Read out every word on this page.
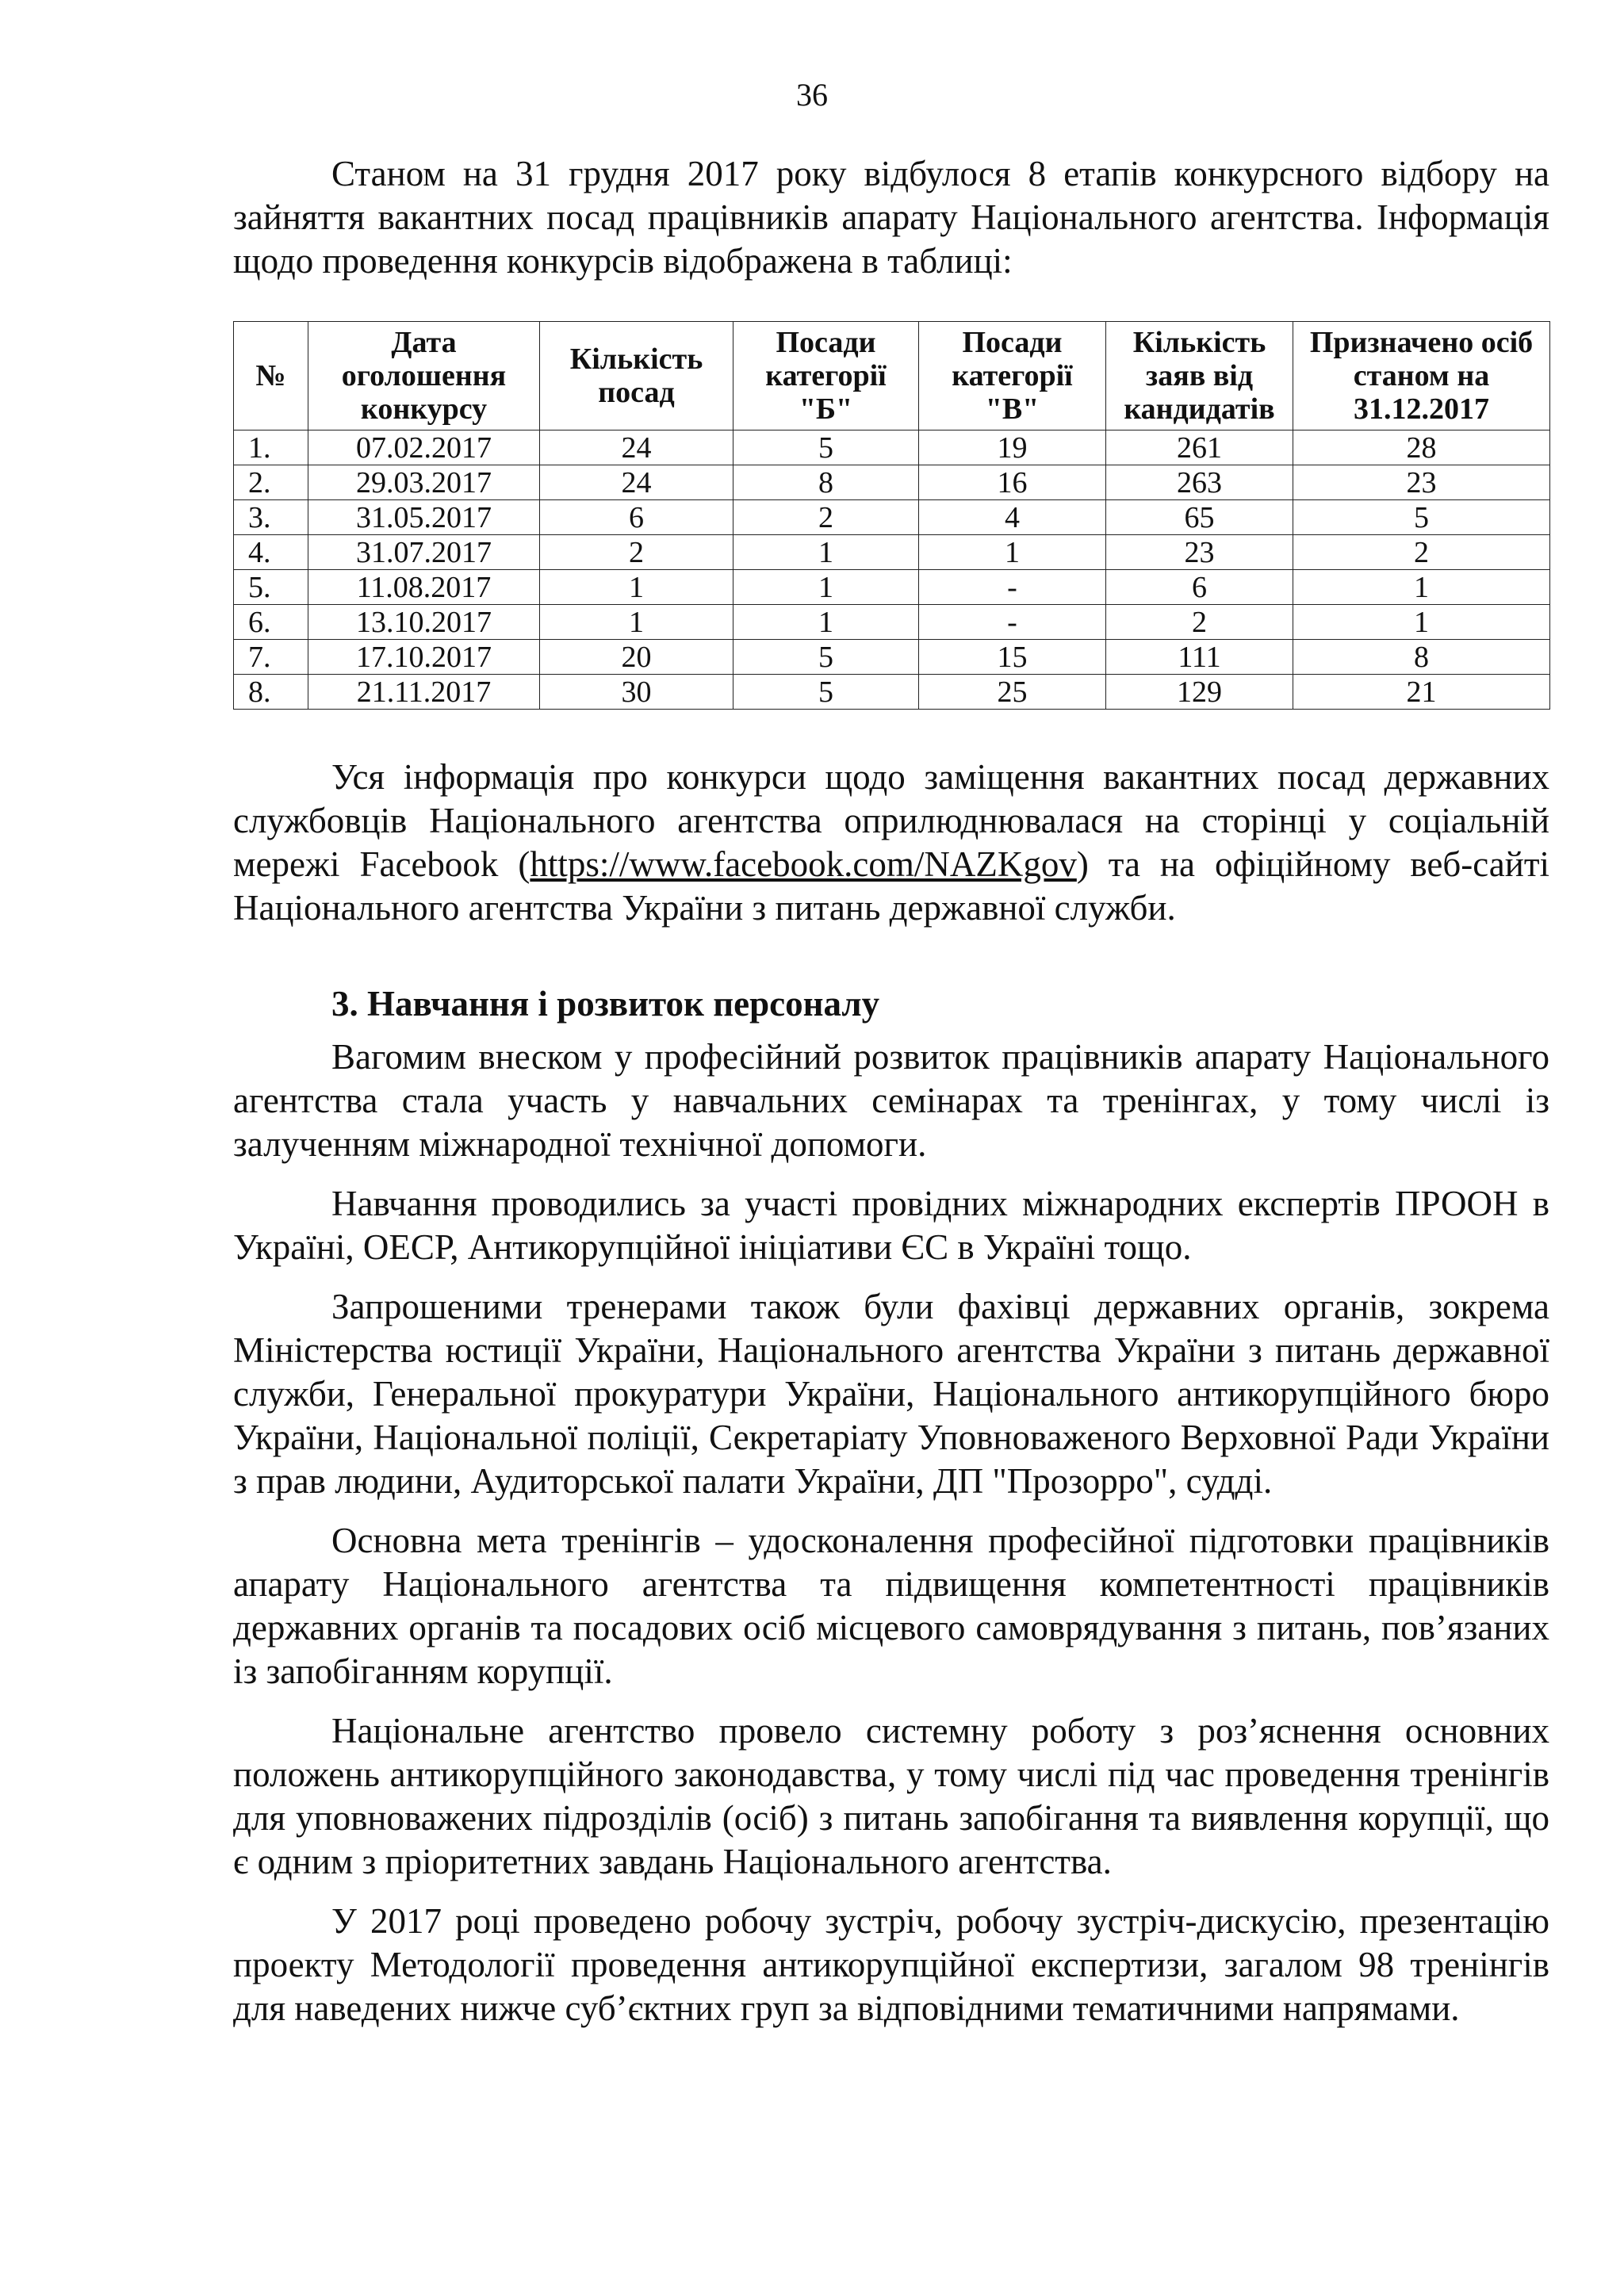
36

Станом на 31 грудня 2017 року відбулося 8 етапів конкурсного відбору на зайняття вакантних посад працівників апарату Національного агентства. Інформація щодо проведення конкурсів відображена в таблиці:

№	Дата оголошення конкурсу	Кількість посад	Посади категорії "Б"	Посади категорії "В"	Кількість заяв від кандидатів	Призначено осіб станом на 31.12.2017
1.	07.02.2017	24	5	19	261	28
2.	29.03.2017	24	8	16	263	23
3.	31.05.2017	6	2	4	65	5
4.	31.07.2017	2	1	1	23	2
5.	11.08.2017	1	1	-	6	1
6.	13.10.2017	1	1	-	2	1
7.	17.10.2017	20	5	15	111	8
8.	21.11.2017	30	5	25	129	21

Уся інформація про конкурси щодо заміщення вакантних посад державних службовців Національного агентства оприлюднювалася на сторінці у соціальній мережі Facebook (https://www.facebook.com/NAZKgov) та на офіційному веб-сайті Національного агентства України з питань державної служби.

3. Навчання і розвиток персоналу

Вагомим внеском у професійний розвиток працівників апарату Національного агентства стала участь у навчальних семінарах та тренінгах, у тому числі із залученням міжнародної технічної допомоги.

Навчання проводились за участі провідних міжнародних експертів ПРООН в Україні, ОЕСР, Антикорупційної ініціативи ЄС в Україні тощо.

Запрошеними тренерами також були фахівці державних органів, зокрема Міністерства юстиції України, Національного агентства України з питань державної служби, Генеральної прокуратури України, Національного антикорупційного бюро України, Національної поліції, Секретаріату Уповноваженого Верховної Ради України з прав людини, Аудиторської палати України, ДП "Прозорро", судді.

Основна мета тренінгів – удосконалення професійної підготовки працівників апарату Національного агентства та підвищення компетентності працівників державних органів та посадових осіб місцевого самоврядування з питань, пов’язаних із запобіганням корупції.

Національне агентство провело системну роботу з роз’яснення основних положень антикорупційного законодавства, у тому числі під час проведення тренінгів для уповноважених підрозділів (осіб) з питань запобігання та виявлення корупції, що є одним з пріоритетних завдань Національного агентства.

У 2017 році проведено робочу зустріч, робочу зустріч-дискусію, презентацію проекту Методології проведення антикорупційної експертизи, загалом 98 тренінгів для наведених нижче суб’єктних груп за відповідними тематичними напрямами.
